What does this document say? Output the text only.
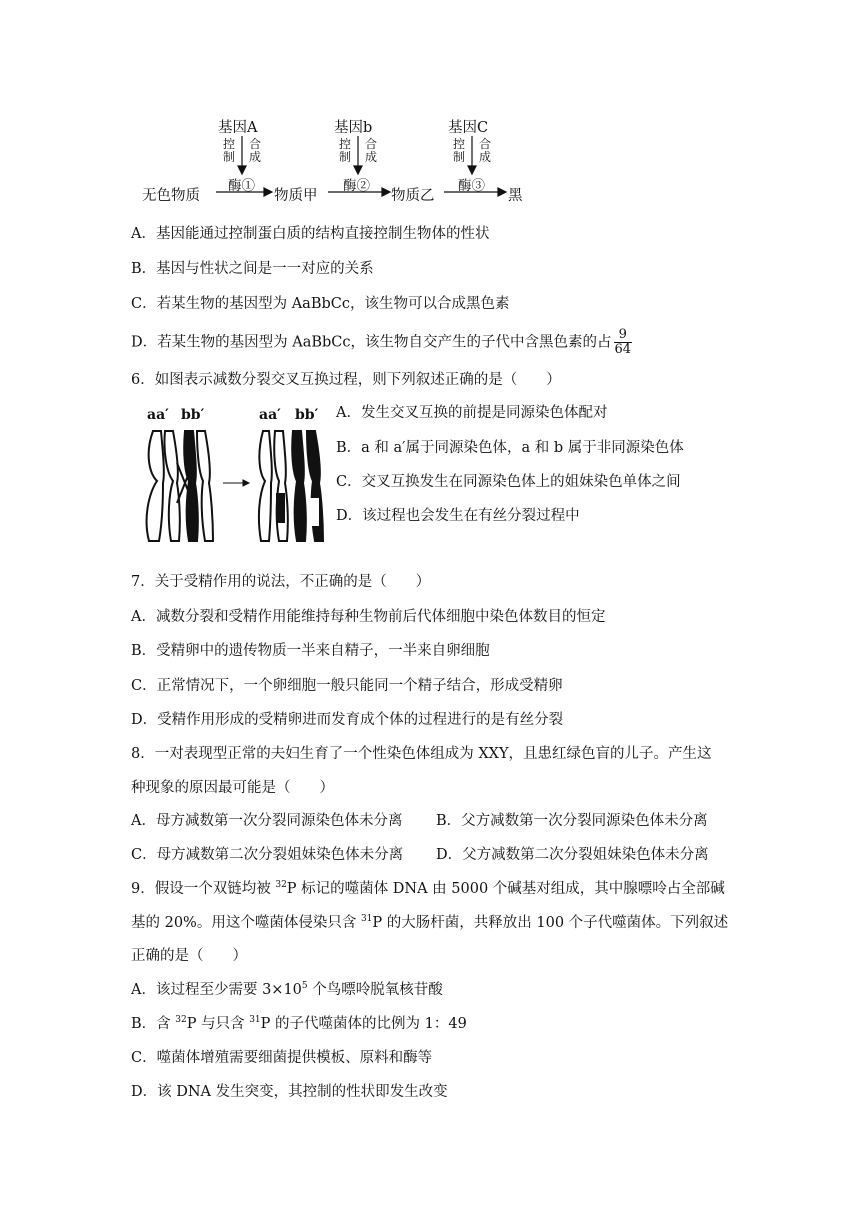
基因A	基因b	基因C
控
制
合
成
控
制
合
成
控
制
合
成
酶①	酶②	酶③
无色物质	物质甲	物质乙	黑
A．基因能通过控制蛋白质的结构直接控制生物体的性状
B．基因与性状之间是一一对应的关系
C．若某生物的基因型为 AaBbCc，该生物可以合成黑色素
D．若某生物的基因型为 AaBbCc，该生物自交产生的子代中含黑色素的占 $\frac{9}{64}$
6．如图表示减数分裂交叉互换过程，则下列叙述正确的是（　　）
aa′ bb′	aa′ bb′ A．发生交叉互换的前提是同源染色体配对
B．a 和 a′属于同源染色体，a 和 b 属于非同源染色体
C．交叉互换发生在同源染色体上的姐妹染色单体之间
D．该过程也会发生在有丝分裂过程中
7．关于受精作用的说法，不正确的是（　　）
A．减数分裂和受精作用能维持每种生物前后代体细胞中染色体数目的恒定
B．受精卵中的遗传物质一半来自精子，一半来自卵细胞
C．正常情况下，一个卵细胞一般只能同一个精子结合，形成受精卵
D．受精作用形成的受精卵进而发育成个体的过程进行的是有丝分裂
8．一对表现型正常的夫妇生育了一个性染色体组成为 XXY，且患红绿色盲的儿子。产生这
种现象的原因最可能是（　　）
A．母方减数第一次分裂同源染色体未分离 B．父方减数第一次分裂同源染色体未分离
C．母方减数第二次分裂姐妹染色体未分离 D．父方减数第二次分裂姐妹染色体未分离
9．假设一个双链均被 $^{32}$P 标记的噬菌体 DNA 由 5000 个碱基对组成，其中腺嘌呤占全部碱
基的 20%。用这个噬菌体侵染只含 $^{31}$P 的大肠杆菌，共释放出 100 个子代噬菌体。下列叙述
正确的是（　　）
A．该过程至少需要 $3\times 10^5$ 个鸟嘌呤脱氧核苷酸
B．含 $^{32}$P 与只含 $^{31}$P 的子代噬菌体的比例为 1：49
C．噬菌体增殖需要细菌提供模板、原料和酶等
D．该 DNA 发生突变，其控制的性状即发生改变
